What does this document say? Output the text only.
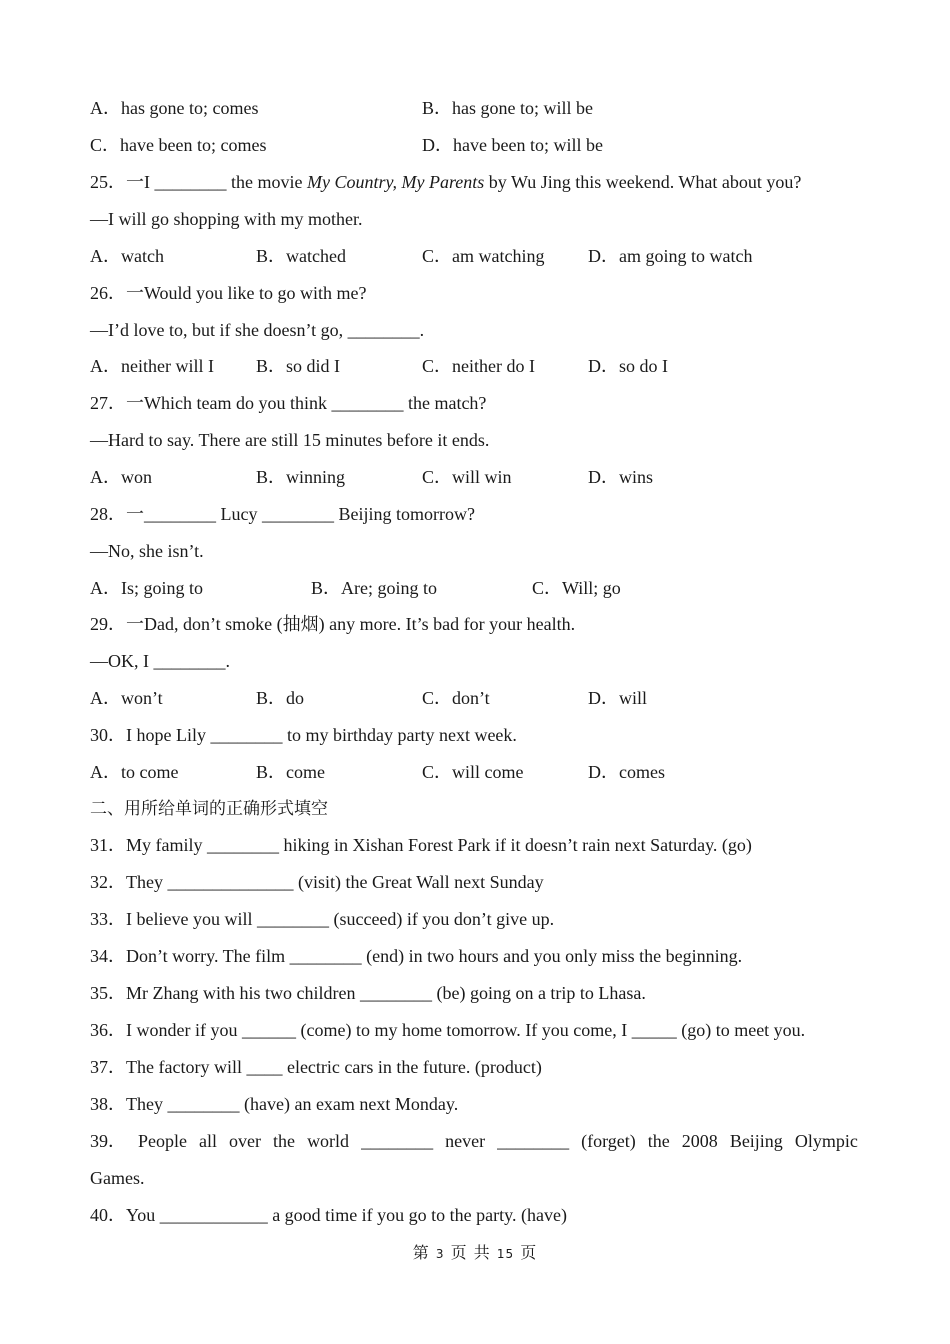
A．has gone to; comes	B．has gone to; will be
C．have been to; comes	D．have been to; will be
25．一I ________ the movie My Country, My Parents by Wu Jing this weekend. What about you?
—I will go shopping with my mother.
A．watch	B．watched	C．am watching D．am going to watch
26．一Would you like to go with me?
—I’d love to, but if she doesn’t go, ________.
A．neither will I B．so did I	C．neither do I	D．so do I
27．一Which team do you think ________ the match?
—Hard to say. There are still 15 minutes before it ends.
A．won	B．winning	C．will win	D．wins
28．一________ Lucy ________ Beijing tomorrow?
—No, she isn’t.
A．Is; going to	B．Are; going to	C．Will; go
29．一Dad, don’t smoke (抽烟) any more. It’s bad for your health.
—OK, I ________.
A．won’t	B．do	C．don’t	D．will
30．I hope Lily ________ to my birthday party next week.
A．to come	B．come	C．will come	D．comes
二、用所给单词的正确形式填空
31．My family ________ hiking in Xishan Forest Park if it doesn’t rain next Saturday. (go)
32．They ______________ (visit) the Great Wall next Sunday
33．I believe you will ________ (succeed) if you don’t give up.
34．Don’t worry. The film ________ (end) in two hours and you only miss the beginning.
35．Mr Zhang with his two children ________ (be) going on a trip to Lhasa.
36．I wonder if you ______ (come) to my home tomorrow. If you come, I _____ (go) to meet you.
37．The factory will ____ electric cars in the future. (product)
38．They ________ (have) an exam next Monday.
39． People all over the world ________ never ________ (forget) the 2008 Beijing Olympic
Games.
40．You ____________ a good time if you go to the party. (have)
第 3 页 共 15 页
